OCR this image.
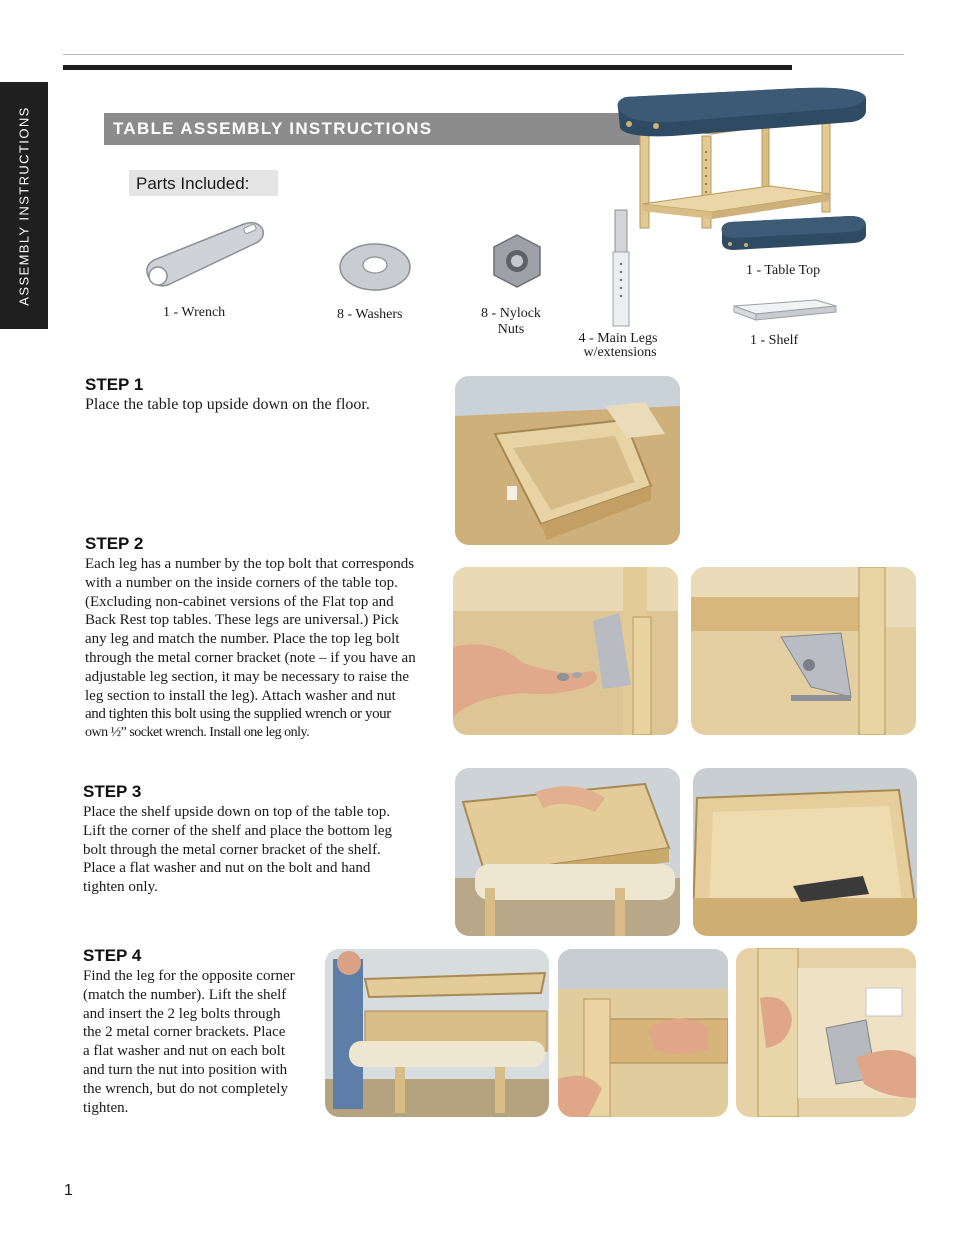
ASSEMBLY INSTRUCTIONS	TABLE ASSEMBLY INSTRUCTIONS
Parts Included:
1 - Wrench	8 - Washers	8 - Nylock
Nuts
4 - Main Legs
w/extensions
1 - Table Top
1 - Shelf
STEP 1
Place the table top upside down on the floor.
STEP 2
Each leg has a number by the top bolt that corresponds
with a number on the inside corners of the table top.
(Excluding non-cabinet versions of the Flat top and
Back Rest top tables. These legs are universal.) Pick
any leg and match the number. Place the top leg bolt
through the metal corner bracket (note – if you have an
adjustable leg section, it may be necessary to raise the
leg section to install the leg). Attach washer and nut
and tighten this bolt using the supplied wrench or your
own ½” socket wrench. Install one leg only.
STEP 3
Place the shelf upside down on top of the table top.
Lift the corner of the shelf and place the bottom leg
bolt through the metal corner bracket of the shelf.
Place a flat washer and nut on the bolt and hand
tighten only.
STEP 4
Find the leg for the opposite corner
(match the number). Lift the shelf
and insert the 2 leg bolts through
the 2 metal corner brackets. Place
a flat washer and nut on each bolt
and turn the nut into position with
the wrench, but do not completely
tighten.
1
